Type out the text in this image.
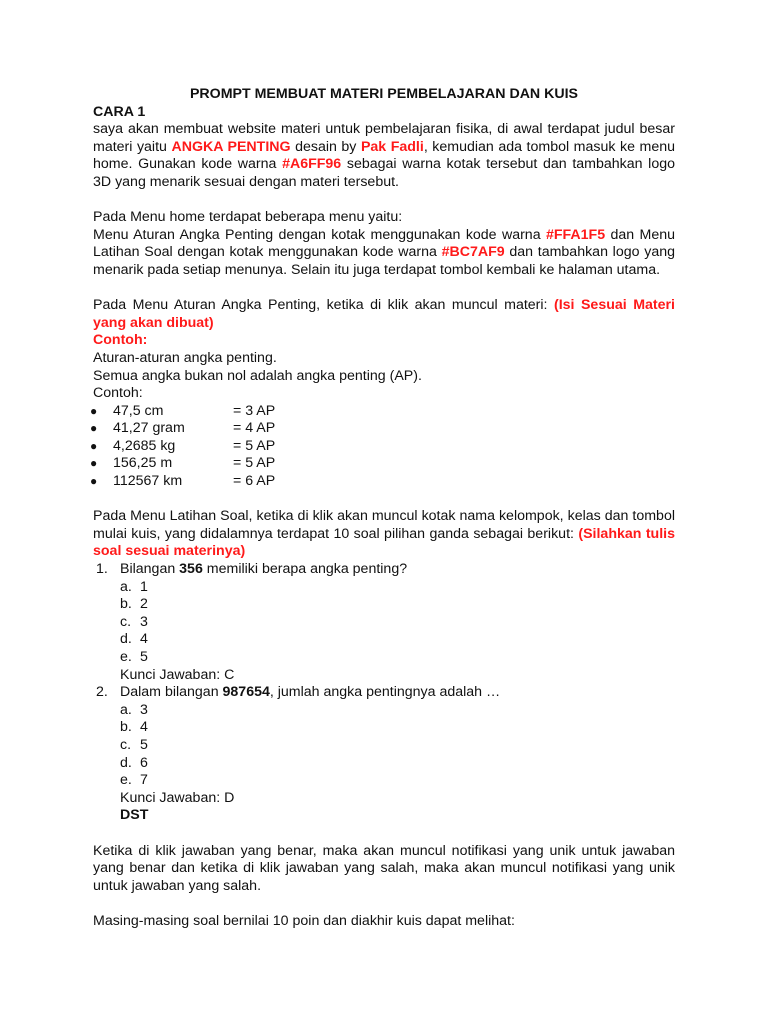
PROMPT MEMBUAT MATERI PEMBELAJARAN DAN KUIS

CARA 1

saya akan membuat website materi untuk pembelajaran fisika, di awal terdapat judul besar materi yaitu ANGKA PENTING desain by Pak Fadli, kemudian ada tombol masuk ke menu home. Gunakan kode warna #A6FF96 sebagai warna kotak tersebut dan tambahkan logo 3D yang menarik sesuai dengan materi tersebut.

Pada Menu home terdapat beberapa menu yaitu:

Menu Aturan Angka Penting dengan kotak menggunakan kode warna #FFA1F5 dan Menu Latihan Soal dengan kotak menggunakan kode warna #BC7AF9 dan tambahkan logo yang menarik pada setiap menunya. Selain itu juga terdapat tombol kembali ke halaman utama.

Pada Menu Aturan Angka Penting, ketika di klik akan muncul materi: (Isi Sesuai Materi yang akan dibuat)

Contoh:

Aturan-aturan angka penting.

Semua angka bukan nol adalah angka penting (AP).

Contoh:

● 47,5 cm	= 3 AP
● 41,27 gram	= 4 AP
● 4,2685 kg	= 5 AP
● 156,25 m	= 5 AP
● 112567 km	= 6 AP

Pada Menu Latihan Soal, ketika di klik akan muncul kotak nama kelompok, kelas dan tombol mulai kuis, yang didalamnya terdapat 10 soal pilihan ganda sebagai berikut: (Silahkan tulis soal sesuai materinya)

1. Bilangan 356 memiliki berapa angka penting?
a. 1
b. 2
c. 3
d. 4
e. 5
Kunci Jawaban: C
2. Dalam bilangan 987654, jumlah angka pentingnya adalah …
a. 3
b. 4
c. 5
d. 6
e. 7
Kunci Jawaban: D
DST

Ketika di klik jawaban yang benar, maka akan muncul notifikasi yang unik untuk jawaban yang benar dan ketika di klik jawaban yang salah, maka akan muncul notifikasi yang unik untuk jawaban yang salah.

Masing-masing soal bernilai 10 poin dan diakhir kuis dapat melihat:
